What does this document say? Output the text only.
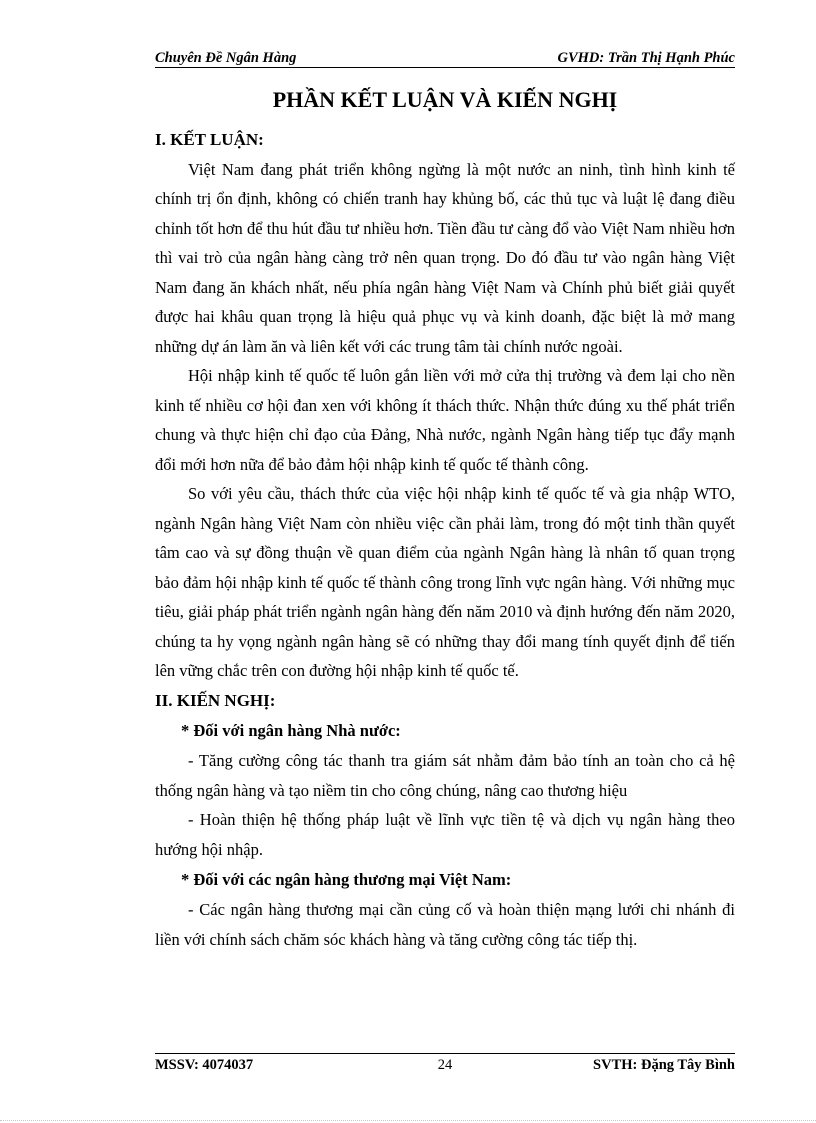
Chuyên Đề Ngân Hàng	GVHD: Trần Thị Hạnh Phúc
PHẦN KẾT LUẬN VÀ KIẾN NGHỊ
I. KẾT LUẬN:

Việt Nam đang phát triển không ngừng là một nước an ninh, tình hình kinh tế chính trị ổn định, không có chiến tranh hay khủng bố, các thủ tục và luật lệ đang điều chỉnh tốt hơn để thu hút đầu tư nhiều hơn. Tiền đầu tư càng đổ vào Việt Nam nhiều hơn thì vai trò của ngân hàng càng trở nên quan trọng. Do đó đầu tư vào ngân hàng Việt Nam đang ăn khách nhất, nếu phía ngân hàng Việt Nam và Chính phủ biết giải quyết được hai khâu quan trọng là hiệu quả phục vụ và kinh doanh, đặc biệt là mở mang những dự án làm ăn và liên kết với các trung tâm tài chính nước ngoài.

Hội nhập kinh tế quốc tế luôn gắn liền với mở cửa thị trường và đem lại cho nền kinh tế nhiều cơ hội đan xen với không ít thách thức. Nhận thức đúng xu thế phát triển chung và thực hiện chỉ đạo của Đảng, Nhà nước, ngành Ngân hàng tiếp tục đẩy mạnh đổi mới hơn nữa để bảo đảm hội nhập kinh tế quốc tế thành công.

So với yêu cầu, thách thức của việc hội nhập kinh tế quốc tế và gia nhập WTO, ngành Ngân hàng Việt Nam còn nhiều việc cần phải làm, trong đó một tinh thần quyết tâm cao và sự đồng thuận về quan điểm của ngành Ngân hàng là nhân tố quan trọng bảo đảm hội nhập kinh tế quốc tế thành công trong lĩnh vực ngân hàng. Với những mục tiêu, giải pháp phát triển ngành ngân hàng đến năm 2010 và định hướng đến năm 2020, chúng ta hy vọng ngành ngân hàng sẽ có những thay đổi mang tính quyết định để tiến lên vững chắc trên con đường hội nhập kinh tế quốc tế.

II. KIẾN NGHỊ:
* Đối với ngân hàng Nhà nước:

- Tăng cường công tác thanh tra giám sát nhằm đảm bảo tính an toàn cho cả hệ thống ngân hàng và tạo niềm tin cho công chúng, nâng cao thương hiệu

- Hoàn thiện hệ thống pháp luật về lĩnh vực tiền tệ và dịch vụ ngân hàng theo hướng hội nhập.

* Đối với các ngân hàng thương mại Việt Nam:

- Các ngân hàng thương mại cần củng cố và hoàn thiện mạng lưới chi nhánh đi liền với chính sách chăm sóc khách hàng và tăng cường công tác tiếp thị.

MSSV: 4074037	24	SVTH: Đặng Tây Bình
